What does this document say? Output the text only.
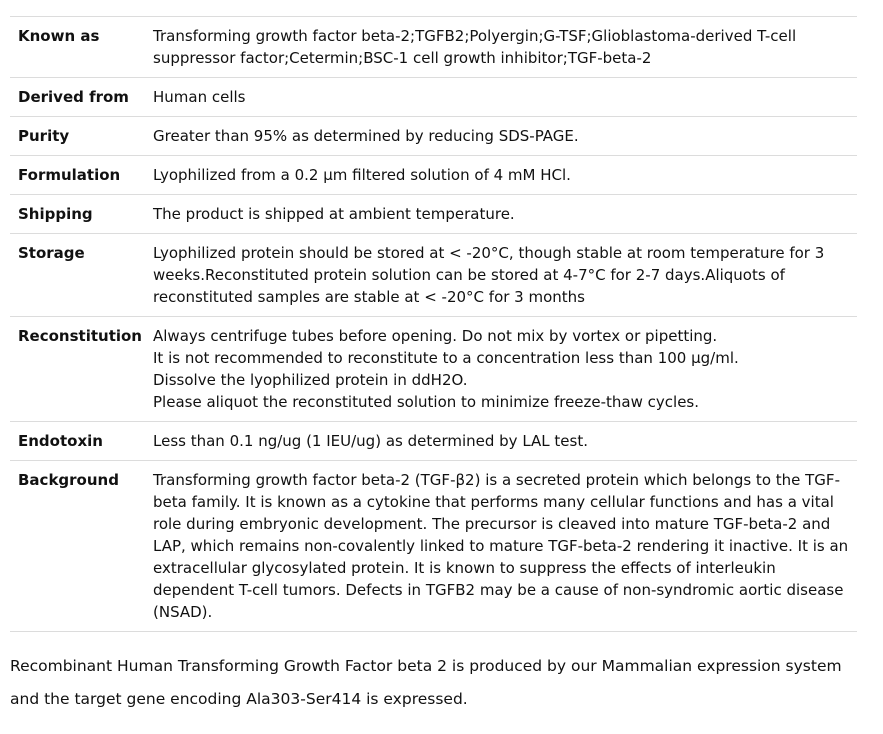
Known as	Transforming growth factor beta-2;TGFB2;Polyergin;G-TSF;Glioblastoma-derived T-cell suppressor factor;Cetermin;BSC-1 cell growth inhibitor;TGF-beta-2
Derived from	Human cells
Purity	Greater than 95% as determined by reducing SDS-PAGE.
Formulation	Lyophilized from a 0.2 μm filtered solution of 4 mM HCl.
Shipping	The product is shipped at ambient temperature.
Storage	Lyophilized protein should be stored at < -20°C, though stable at room temperature for 3 weeks.Reconstituted protein solution can be stored at 4-7°C for 2-7 days.Aliquots of reconstituted samples are stable at < -20°C for 3 months
Reconstitution	Always centrifuge tubes before opening. Do not mix by vortex or pipetting.
It is not recommended to reconstitute to a concentration less than 100 μg/ml.
Dissolve the lyophilized protein in ddH2O.
Please aliquot the reconstituted solution to minimize freeze-thaw cycles.

Endotoxin	Less than 0.1 ng/ug (1 IEU/ug) as determined by LAL test.
Background	Transforming growth factor beta-2 (TGF-β2) is a secreted protein which belongs to the TGF-beta family. It is known as a cytokine that performs many cellular functions and has a vital role during embryonic development. The precursor is cleaved into mature TGF-beta-2 and LAP, which remains non-covalently linked to mature TGF-beta-2 rendering it inactive. It is an extracellular glycosylated protein. It is known to suppress the effects of interleukin dependent T-cell tumors. Defects in TGFB2 may be a cause of non-syndromic aortic disease (NSAD).
Recombinant Human Transforming Growth Factor beta 2 is produced by our Mammalian expression system and the target gene encoding Ala303-Ser414 is expressed.
